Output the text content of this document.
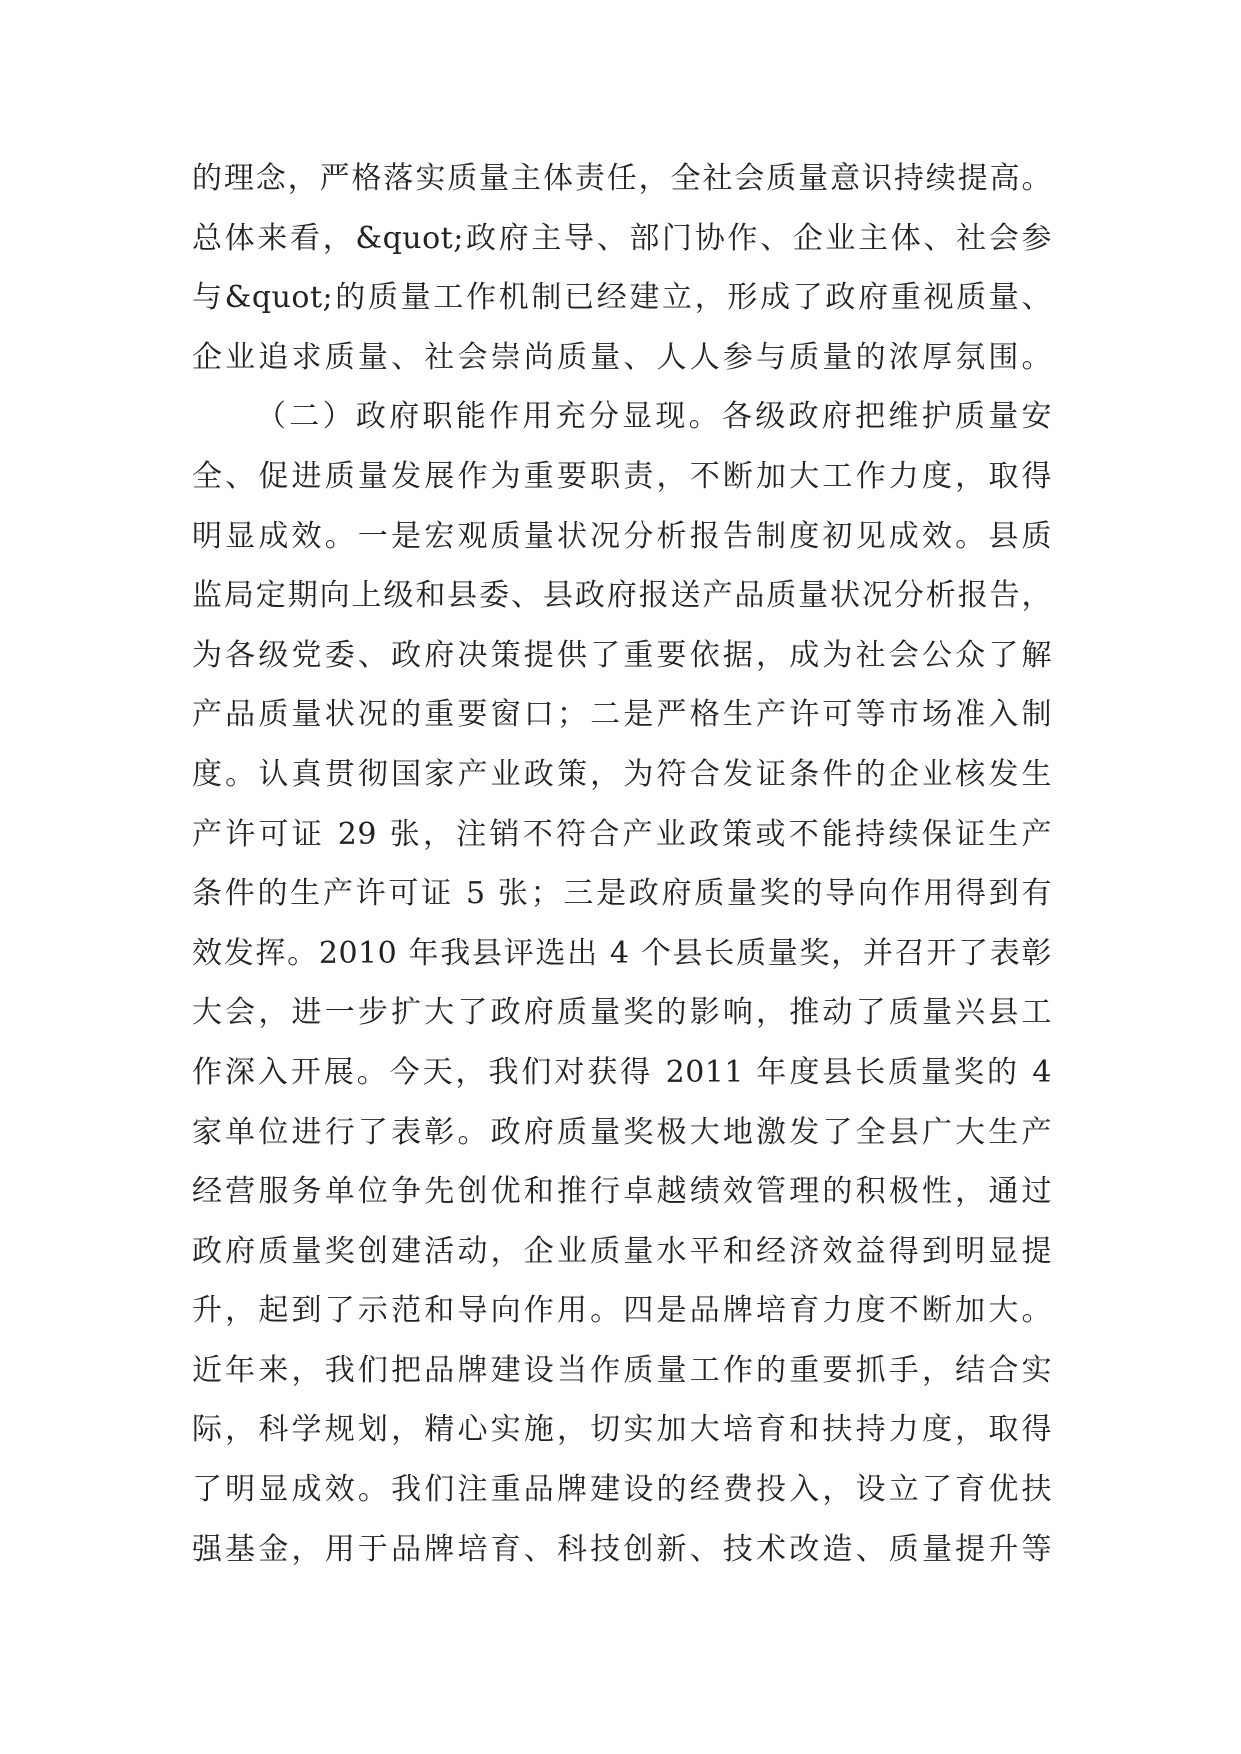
的理念，严格落实质量主体责任，全社会质量意识持续提高。
总体来看，&quot;政府主导、部门协作、企业主体、社会参
与&quot;的质量工作机制已经建立，形成了政府重视质量、
企业追求质量、社会崇尚质量、人人参与质量的浓厚氛围。
（二）政府职能作用充分显现。各级政府把维护质量安
全、促进质量发展作为重要职责，不断加大工作力度，取得
明显成效。一是宏观质量状况分析报告制度初见成效。县质
监局定期向上级和县委、县政府报送产品质量状况分析报告，
为各级党委、政府决策提供了重要依据，成为社会公众了解
产品质量状况的重要窗口；二是严格生产许可等市场准入制
度。认真贯彻国家产业政策，为符合发证条件的企业核发生
产许可证 29 张，注销不符合产业政策或不能持续保证生产
条件的生产许可证 5 张；三是政府质量奖的导向作用得到有
效发挥。2010 年我县评选出 4 个县长质量奖，并召开了表彰
大会，进一步扩大了政府质量奖的影响，推动了质量兴县工
作深入开展。今天，我们对获得 2011 年度县长质量奖的 4
家单位进行了表彰。政府质量奖极大地激发了全县广大生产
经营服务单位争先创优和推行卓越绩效管理的积极性，通过
政府质量奖创建活动，企业质量水平和经济效益得到明显提
升，起到了示范和导向作用。四是品牌培育力度不断加大。
近年来，我们把品牌建设当作质量工作的重要抓手，结合实
际，科学规划，精心实施，切实加大培育和扶持力度，取得
了明显成效。我们注重品牌建设的经费投入，设立了育优扶
强基金，用于品牌培育、科技创新、技术改造、质量提升等
